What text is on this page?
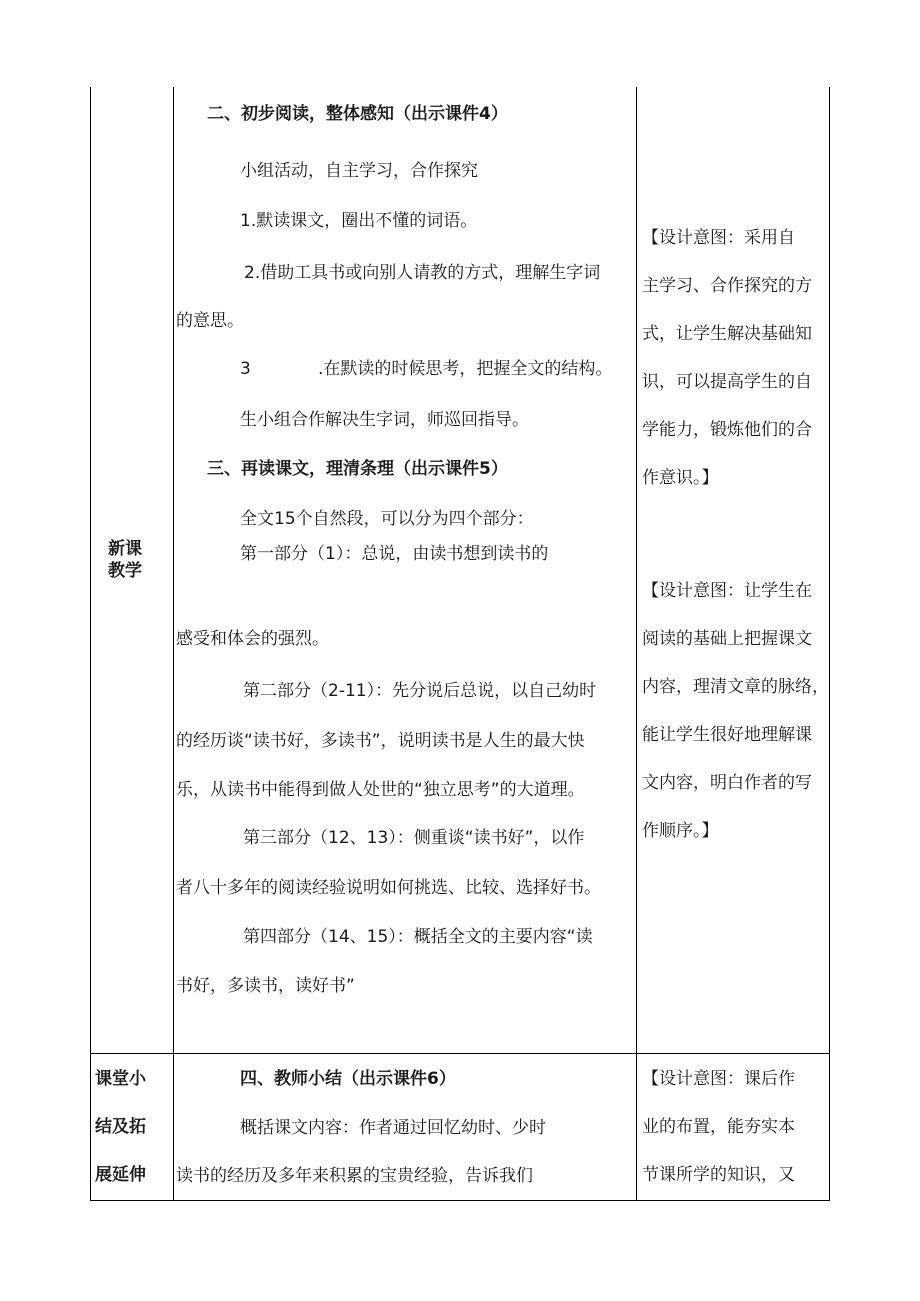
新课
教学
二、初步阅读，整体感知（出示课件4）
小组活动，自主学习，合作探究
1.默读课文，圈出不懂的词语。
2.借助工具书或向别人请教的方式，理解生字词
的意思。
3	.在默读的时候思考，把握全文的结构。
生小组合作解决生字词，师巡回指导。
三、再读课文，理清条理（出示课件5）
全文15个自然段，可以分为四个部分：
第一部分（1）：总说，由读书想到读书的
感受和体会的强烈。
第二部分（2-11）：先分说后总说，以自己幼时
的经历谈“读书好，多读书”，说明读书是人生的最大快
乐，从读书中能得到做人处世的“独立思考”的大道理。
第三部分（12、13）：侧重谈“读书好”，以作
者八十多年的阅读经验说明如何挑选、比较、选择好书。
第四部分（14、15）：概括全文的主要内容“读
书好，多读书，读好书”
【设计意图：采用自
主学习、合作探究的方
式，让学生解决基础知
识，可以提高学生的自
学能力，锻炼他们的合
作意识。】
【设计意图：让学生在
阅读的基础上把握课文
内容，理清文章的脉络，
能让学生很好地理解课
文内容，明白作者的写
作顺序。】
课堂小
结及拓
展延伸
四、教师小结（出示课件6）
概括课文内容：作者通过回忆幼时、少时
读书的经历及多年来积累的宝贵经验，告诉我们
【设计意图：课后作
业的布置，能夯实本
节课所学的知识，又
